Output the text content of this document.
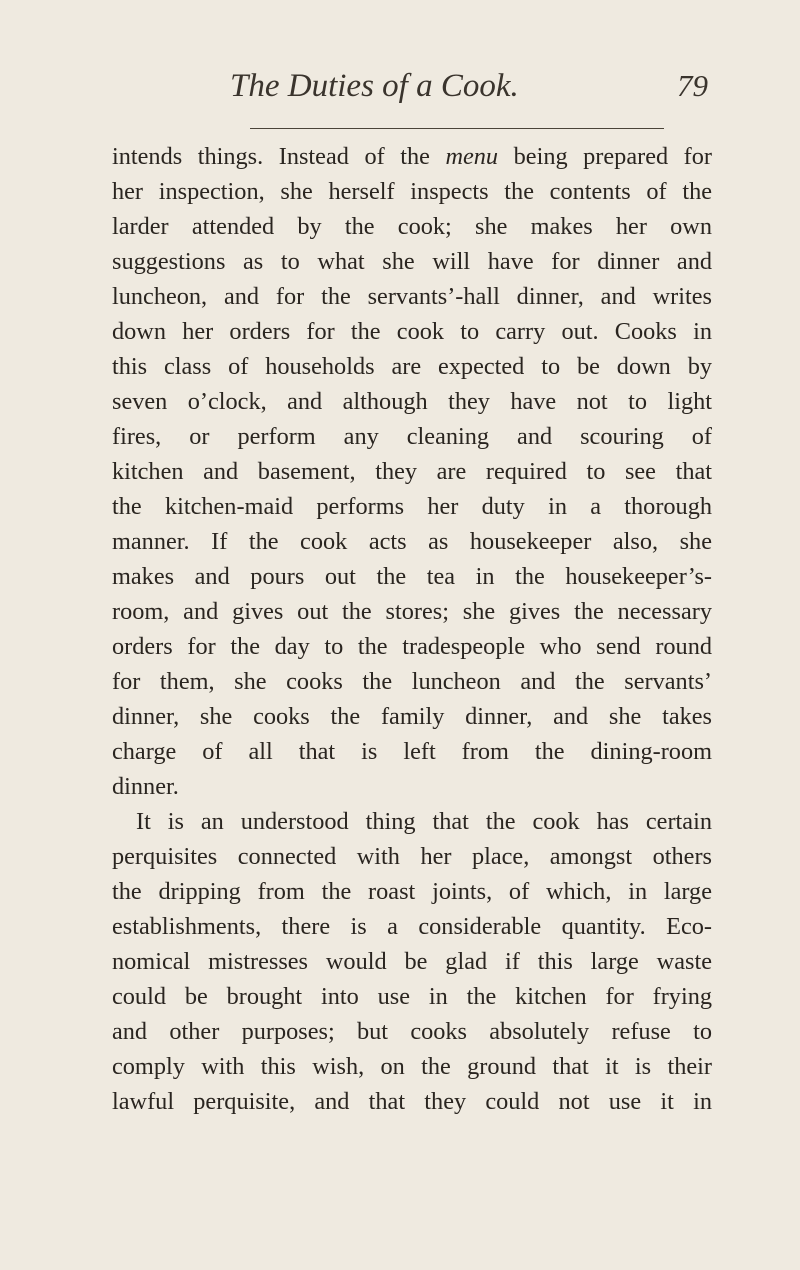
The Duties of a Cook.	79
intends things. Instead of the menu being prepared for
her inspection, she herself inspects the contents of the
larder attended by the cook; she makes her own
suggestions as to what she will have for dinner and
luncheon, and for the servants’-hall dinner, and writes
down her orders for the cook to carry out. Cooks in
this class of households are expected to be down by
seven o’clock, and although they have not to light
fires, or perform any cleaning and scouring of
kitchen and basement, they are required to see that
the kitchen-maid performs her duty in a thorough
manner. If the cook acts as housekeeper also, she
makes and pours out the tea in the housekeeper’s-
room, and gives out the stores; she gives the necessary
orders for the day to the tradespeople who send round
for them, she cooks the luncheon and the servants’
dinner, she cooks the family dinner, and she takes
charge of all that is left from the dining-room
dinner.
It is an understood thing that the cook has certain
perquisites connected with her place, amongst others
the dripping from the roast joints, of which, in large
establishments, there is a considerable quantity. Eco-
nomical mistresses would be glad if this large waste
could be brought into use in the kitchen for frying
and other purposes; but cooks absolutely refuse to
comply with this wish, on the ground that it is their
lawful perquisite, and that they could not use it in
